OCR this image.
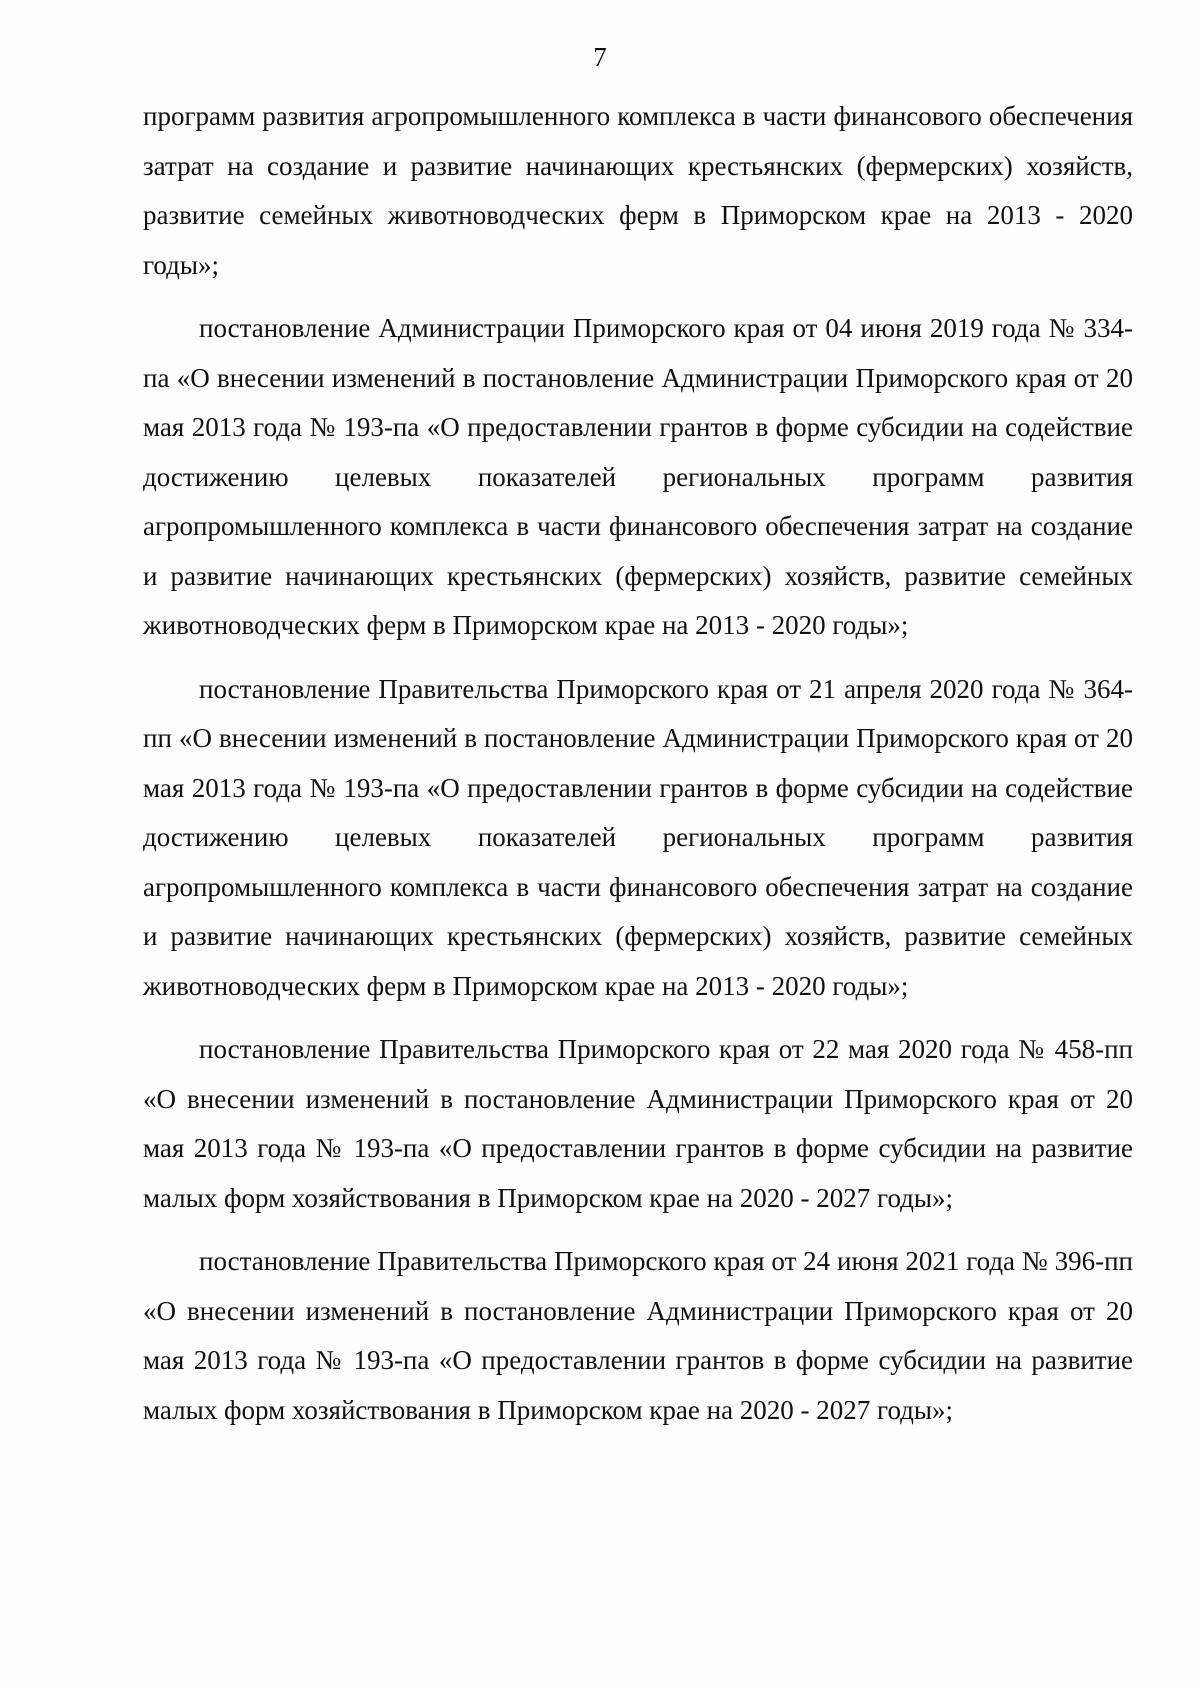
7

программ развития агропромышленного комплекса в части финансового обеспечения затрат на создание и развитие начинающих крестьянских (фермерских) хозяйств, развитие семейных животноводческих ферм в Приморском крае на 2013 - 2020 годы»;

постановление Администрации Приморского края от 04 июня 2019 года № 334-па «О внесении изменений в постановление Администрации Приморского края от 20 мая 2013 года № 193-па «О предоставлении грантов в форме субсидии на содействие достижению целевых показателей региональных программ развития агропромышленного комплекса в части финансового обеспечения затрат на создание и развитие начинающих крестьянских (фермерских) хозяйств, развитие семейных животноводческих ферм в Приморском крае на 2013 - 2020 годы»;

постановление Правительства Приморского края от 21 апреля 2020 года № 364-пп «О внесении изменений в постановление Администрации Приморского края от 20 мая 2013 года № 193-па «О предоставлении грантов в форме субсидии на содействие достижению целевых показателей региональных программ развития агропромышленного комплекса в части финансового обеспечения затрат на создание и развитие начинающих крестьянских (фермерских) хозяйств, развитие семейных животноводческих ферм в Приморском крае на 2013 - 2020 годы»;

постановление Правительства Приморского края от 22 мая 2020 года № 458-пп «О внесении изменений в постановление Администрации Приморского края от 20 мая 2013 года № 193-па «О предоставлении грантов в форме субсидии на развитие малых форм хозяйствования в Приморском крае на 2020 - 2027 годы»;

постановление Правительства Приморского края от 24 июня 2021 года № 396-пп «О внесении изменений в постановление Администрации Приморского края от 20 мая 2013 года № 193-па «О предоставлении грантов в форме субсидии на развитие малых форм хозяйствования в Приморском крае на 2020 - 2027 годы»;
